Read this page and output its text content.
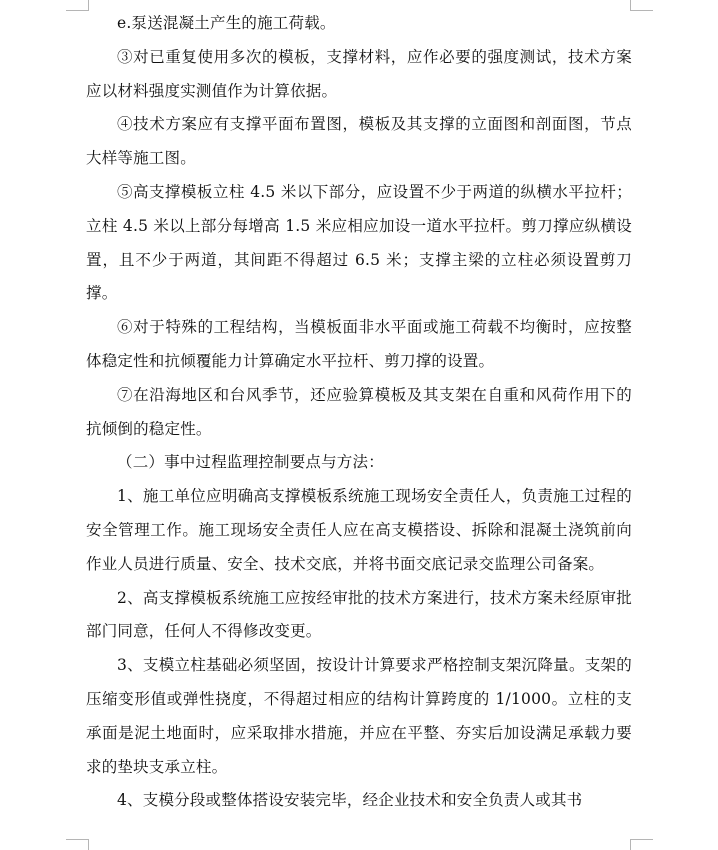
e.泵送混凝土产生的施工荷载。

③对已重复使用多次的模板，支撑材料，应作必要的强度测试，技术方案应以材料强度实测值作为计算依据。

④技术方案应有支撑平面布置图，模板及其支撑的立面图和剖面图，节点大样等施工图。

⑤高支撑模板立柱 4.5 米以下部分，应设置不少于两道的纵横水平拉杆；立柱 4.5 米以上部分每增高 1.5 米应相应加设一道水平拉杆。剪刀撑应纵横设置，且不少于两道，其间距不得超过 6.5 米；支撑主梁的立柱必须设置剪刀撑。

⑥对于特殊的工程结构，当模板面非水平面或施工荷载不均衡时，应按整体稳定性和抗倾覆能力计算确定水平拉杆、剪刀撑的设置。

⑦在沿海地区和台风季节，还应验算模板及其支架在自重和风荷作用下的抗倾倒的稳定性。

（二）事中过程监理控制要点与方法：

1、施工单位应明确高支撑模板系统施工现场安全责任人，负责施工过程的安全管理工作。施工现场安全责任人应在高支模搭设、拆除和混凝土浇筑前向作业人员进行质量、安全、技术交底，并将书面交底记录交监理公司备案。

2、高支撑模板系统施工应按经审批的技术方案进行，技术方案未经原审批部门同意，任何人不得修改变更。

3、支模立柱基础必须坚固，按设计计算要求严格控制支架沉降量。支架的压缩变形值或弹性挠度，不得超过相应的结构计算跨度的 1/1000。立柱的支承面是泥土地面时，应采取排水措施，并应在平整、夯实后加设满足承载力要求的垫块支承立柱。

4、支模分段或整体搭设安装完毕，经企业技术和安全负责人或其书
